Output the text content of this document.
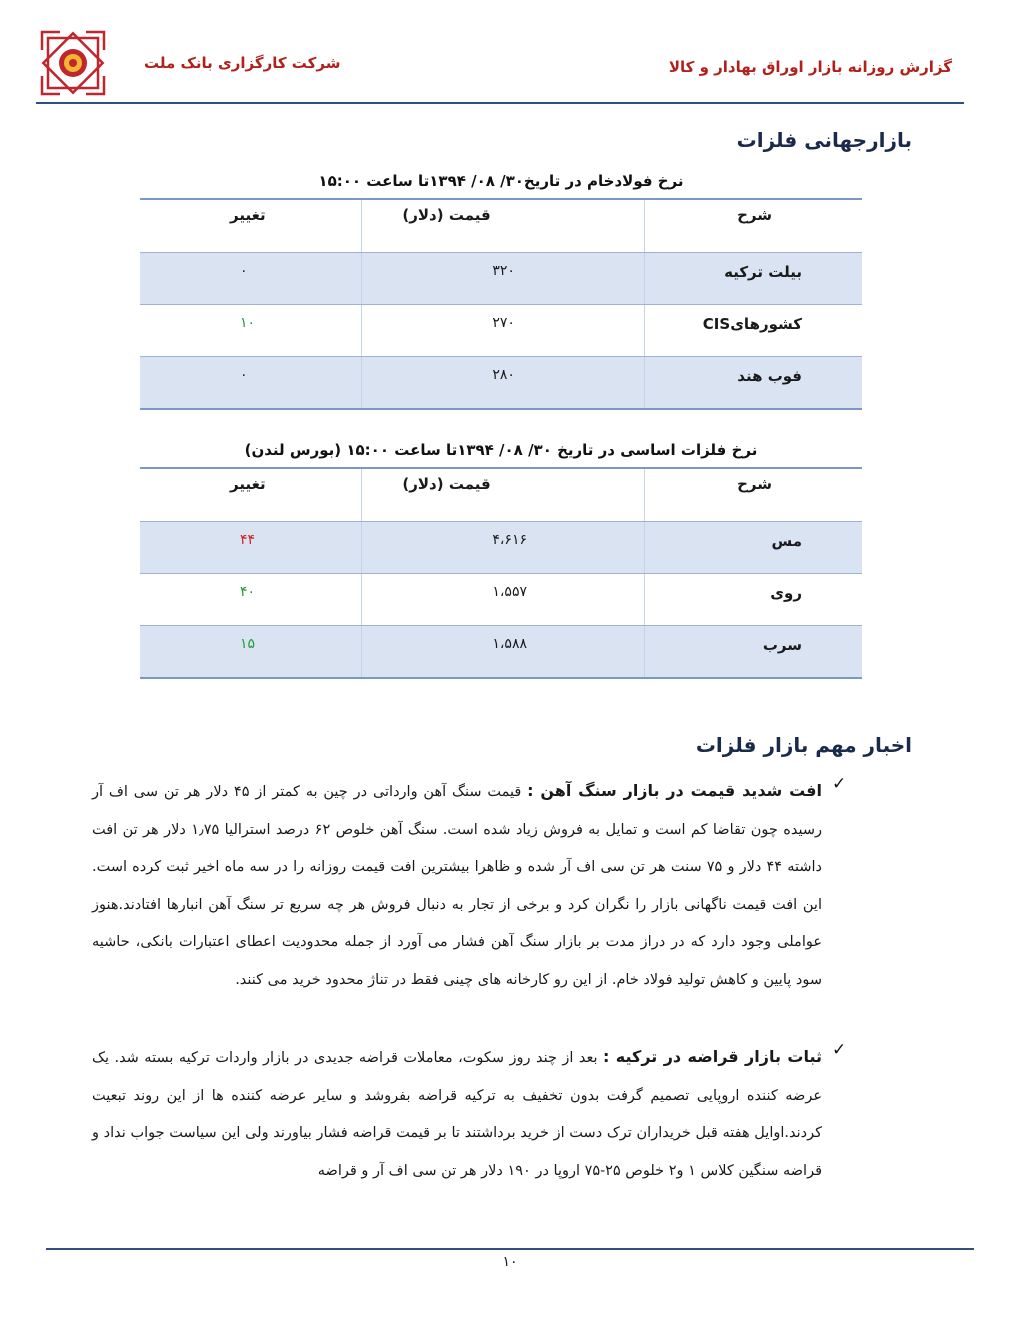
شرکت کارگزاری بانک ملت	گزارش روزانه بازار اوراق بهادار و کالا
بازارجهانی فلزات
نرخ فولادخام در تاریخ۳۰/ ۰۸/ ۱۳۹۴تا ساعت ۱۵:۰۰
شرح
قیمت (دلار)
تغییر
بیلت ترکیه
۳۲۰
۰
کشورهایCIS
۲۷۰
۱۰
فوب هند
۲۸۰
۰
نرخ فلزات اساسی در تاریخ ۳۰/ ۰۸/ ۱۳۹۴تا ساعت ۱۵:۰۰ (بورس لندن)
شرح
قیمت (دلار)
تغییر
مس
۴،۶۱۶
۴۴
روی
۱،۵۵۷
۴۰
سرب
۱،۵۸۸
۱۵
اخبار مهم بازار فلزات
✓
افت شدید قیمت در بازار سنگ آهن : قیمت سنگ آهن وارداتی در چین به کمتر از ۴۵ دلار هر تن سی اف آر رسیده چون تقاضا کم است و تمایل به فروش زیاد شده است. سنگ آهن خلوص ۶۲ درصد استرالیا ۱٫۷۵ دلار هر تن افت داشته ۴۴ دلار و ۷۵ سنت هر تن سی اف آر شده و ظاهرا بیشترین افت قیمت روزانه را در سه ماه اخیر ثبت کرده است. این افت قیمت ناگهانی بازار را نگران کرد و برخی از تجار به دنبال فروش هر چه سریع تر سنگ آهن انبارها افتادند.هنوز عواملی وجود دارد که در دراز مدت بر بازار سنگ آهن فشار می آورد از جمله محدودیت اعطای اعتبارات بانکی، حاشیه سود پایین و کاهش تولید فولاد خام. از این رو کارخانه های چینی فقط در تناژ محدود خرید می کنند.
✓
ثبات بازار قراضه در ترکیه : بعد از چند روز سکوت، معاملات قراضه جدیدی در بازار واردات ترکیه بسته شد. یک عرضه کننده اروپایی تصمیم گرفت بدون تخفیف به ترکیه قراضه بفروشد و سایر عرضه کننده ها از این روند تبعیت کردند.اوایل هفته قبل خریداران ترک دست از خرید برداشتند تا بر قیمت قراضه فشار بیاورند ولی این سیاست جواب نداد و قراضه سنگین کلاس ۱ و۲ خلوص ۲۵-۷۵ اروپا در ۱۹۰ دلار هر تن سی اف آر و قراضه
۱۰
